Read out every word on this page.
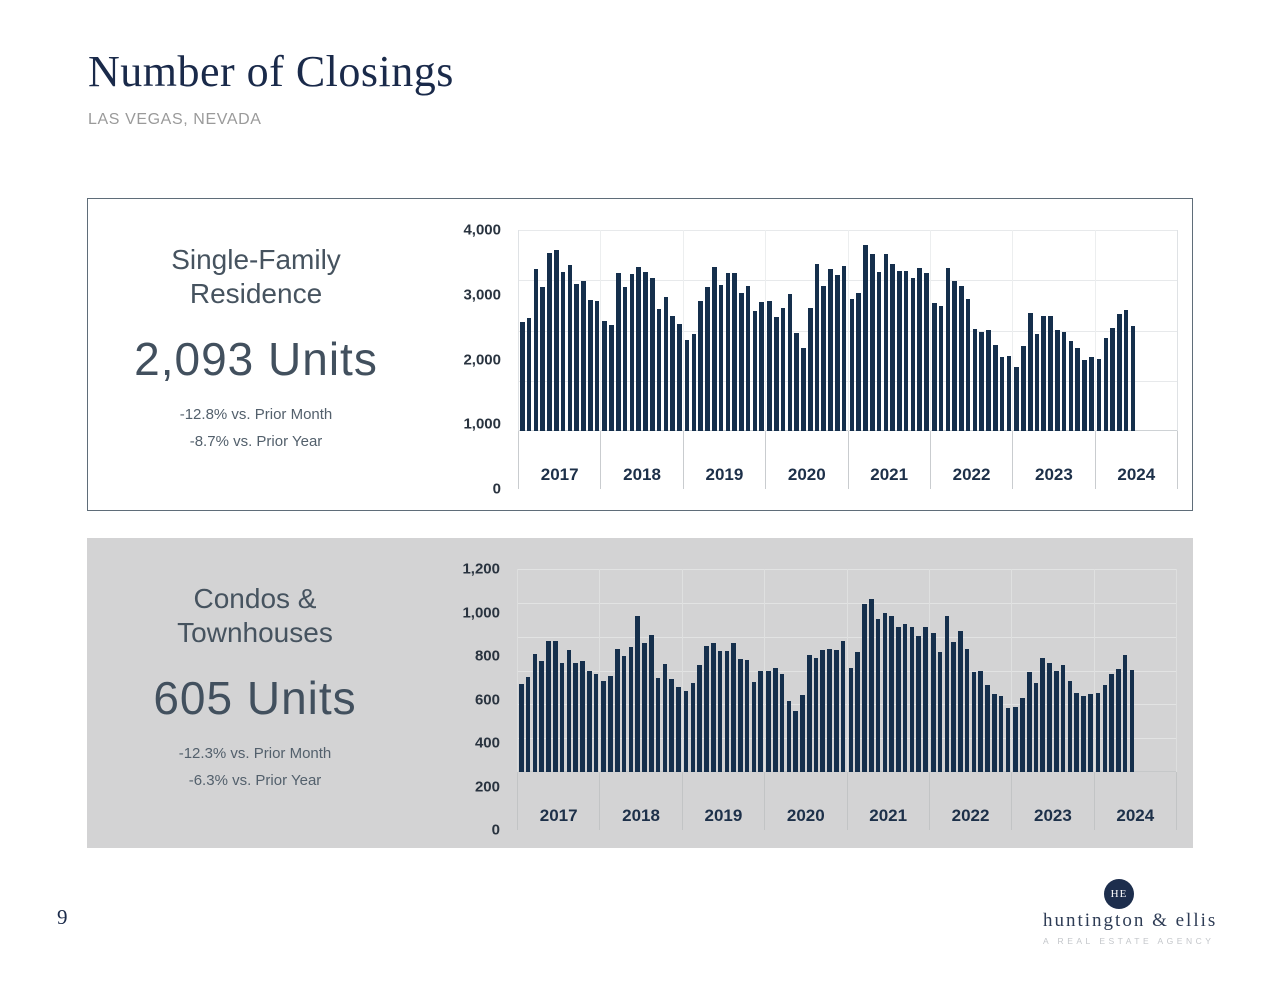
Number of Closings
LAS VEGAS, NEVADA
Single-Family
Residence
2,093 Units
-12.8% vs. Prior Month
-8.7% vs. Prior Year
4,000
3,000
2,000
1,000
0
2017	2018	2019	2020	2021	2022	2023	2024
Condos &
Townhouses
605 Units
-12.3% vs. Prior Month
-6.3% vs. Prior Year
1,200
1,000
800
600
400
200
0
2017	2018	2019	2020	2021	2022	2023	2024
9
HE
huntington & ellis
A REAL ESTATE AGENCY
